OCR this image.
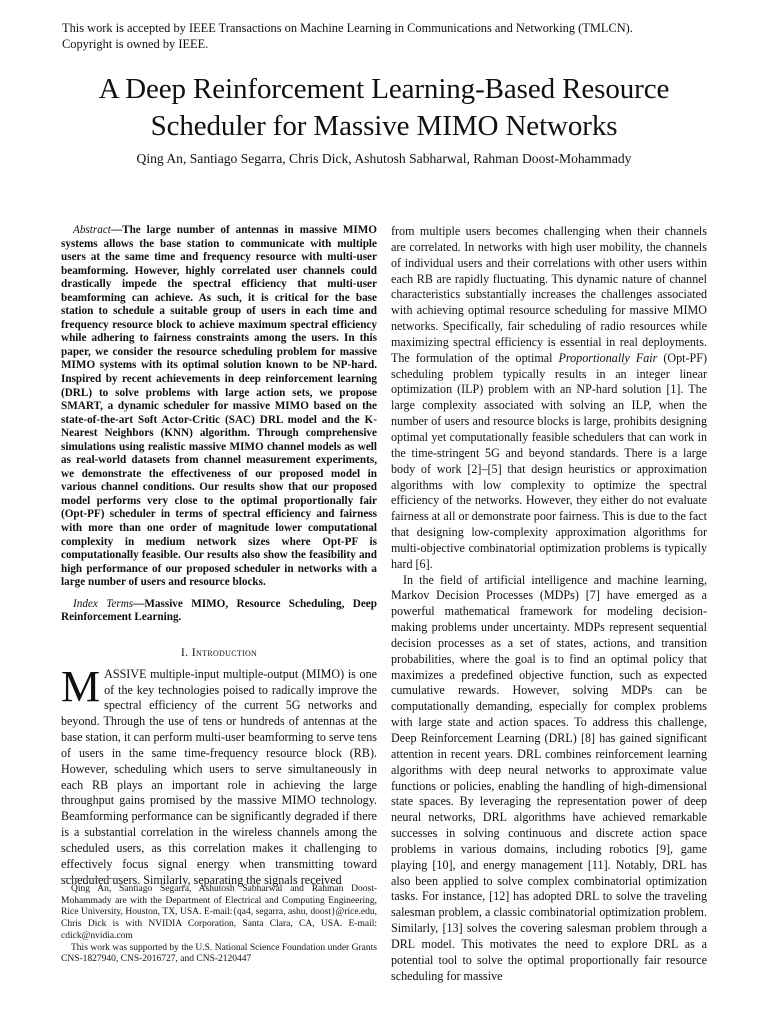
This work is accepted by IEEE Transactions on Machine Learning in Communications and Networking (TMLCN).
Copyright is owned by IEEE.
A Deep Reinforcement Learning-Based Resource
Scheduler for Massive MIMO Networks
Qing An, Santiago Segarra, Chris Dick, Ashutosh Sabharwal, Rahman Doost-Mohammady

Abstract—The large number of antennas in massive MIMO systems allows the base station to communicate with multiple users at the same time and frequency resource with multi-user beamforming. However, highly correlated user channels could drastically impede the spectral efficiency that multi-user beamforming can achieve. As such, it is critical for the base station to schedule a suitable group of users in each time and frequency resource block to achieve maximum spectral efficiency while adhering to fairness constraints among the users. In this paper, we consider the resource scheduling problem for massive MIMO systems with its optimal solution known to be NP-hard. Inspired by recent achievements in deep reinforcement learning (DRL) to solve problems with large action sets, we propose SMART, a dynamic scheduler for massive MIMO based on the state-of-the-art Soft Actor-Critic (SAC) DRL model and the K-Nearest Neighbors (KNN) algorithm. Through comprehensive simulations using realistic massive MIMO channel models as well as real-world datasets from channel measurement experiments, we demonstrate the effectiveness of our proposed model in various channel conditions. Our results show that our proposed model performs very close to the optimal proportionally fair (Opt-PF) scheduler in terms of spectral efficiency and fairness with more than one order of magnitude lower computational complexity in medium network sizes where Opt-PF is computationally feasible. Our results also show the feasibility and high performance of our proposed scheduler in networks with a large number of users and resource blocks.

Index Terms—Massive MIMO, Resource Scheduling, Deep Reinforcement Learning.

I. Introduction

MASSIVE multiple-input multiple-output (MIMO) is one of the key technologies poised to radically improve the spectral efficiency of the current 5G networks and beyond. Through the use of tens or hundreds of antennas at the base station, it can perform multi-user beamforming to serve tens of users in the same time-frequency resource block (RB). However, scheduling which users to serve simultaneously in each RB plays an important role in achieving the large throughput gains promised by the massive MIMO technology. Beamforming performance can be significantly degraded if there is a substantial correlation in the wireless channels among the scheduled users, as this correlation makes it challenging to effectively focus signal energy when transmitting toward scheduled users. Similarly, separating the signals received

Qing An, Santiago Segarra, Ashutosh Sabharwal and Rahman Doost-Mohammady are with the Department of Electrical and Computing Engineering, Rice University, Houston, TX, USA. E-mail:{qa4, segarra, ashu, doost}@rice.edu, Chris Dick is with NVIDIA Corporation, Santa Clara, CA, USA. E-mail: cdick@nvidia.com

This work was supported by the U.S. National Science Foundation under Grants CNS-1827940, CNS-2016727, and CNS-2120447

from multiple users becomes challenging when their channels are correlated. In networks with high user mobility, the channels of individual users and their correlations with other users within each RB are rapidly fluctuating. This dynamic nature of channel characteristics substantially increases the challenges associated with achieving optimal resource scheduling for massive MIMO networks. Specifically, fair scheduling of radio resources while maximizing spectral efficiency is essential in real deployments. The formulation of the optimal Proportionally Fair (Opt-PF) scheduling problem typically results in an integer linear optimization (ILP) problem with an NP-hard solution [1]. The large complexity associated with solving an ILP, when the number of users and resource blocks is large, prohibits designing optimal yet computationally feasible schedulers that can work in the time-stringent 5G and beyond standards. There is a large body of work [2]–[5] that design heuristics or approximation algorithms with low complexity to optimize the spectral efficiency of the networks. However, they either do not evaluate fairness at all or demonstrate poor fairness. This is due to the fact that designing low-complexity approximation algorithms for multi-objective combinatorial optimization problems is typically hard [6].

In the field of artificial intelligence and machine learning, Markov Decision Processes (MDPs) [7] have emerged as a powerful mathematical framework for modeling decision-making problems under uncertainty. MDPs represent sequential decision processes as a set of states, actions, and transition probabilities, where the goal is to find an optimal policy that maximizes a predefined objective function, such as expected cumulative rewards. However, solving MDPs can be computationally demanding, especially for complex problems with large state and action spaces. To address this challenge, Deep Reinforcement Learning (DRL) [8] has gained significant attention in recent years. DRL combines reinforcement learning algorithms with deep neural networks to approximate value functions or policies, enabling the handling of high-dimensional state spaces. By leveraging the representation power of deep neural networks, DRL algorithms have achieved remarkable successes in solving continuous and discrete action space problems in various domains, including robotics [9], game playing [10], and energy management [11]. Notably, DRL has also been applied to solve complex combinatorial optimization tasks. For instance, [12] has adopted DRL to solve the traveling salesman problem, a classic combinatorial optimization problem. Similarly, [13] solves the covering salesman problem through a DRL model. This motivates the need to explore DRL as a potential tool to solve the optimal proportionally fair resource scheduling for massive
